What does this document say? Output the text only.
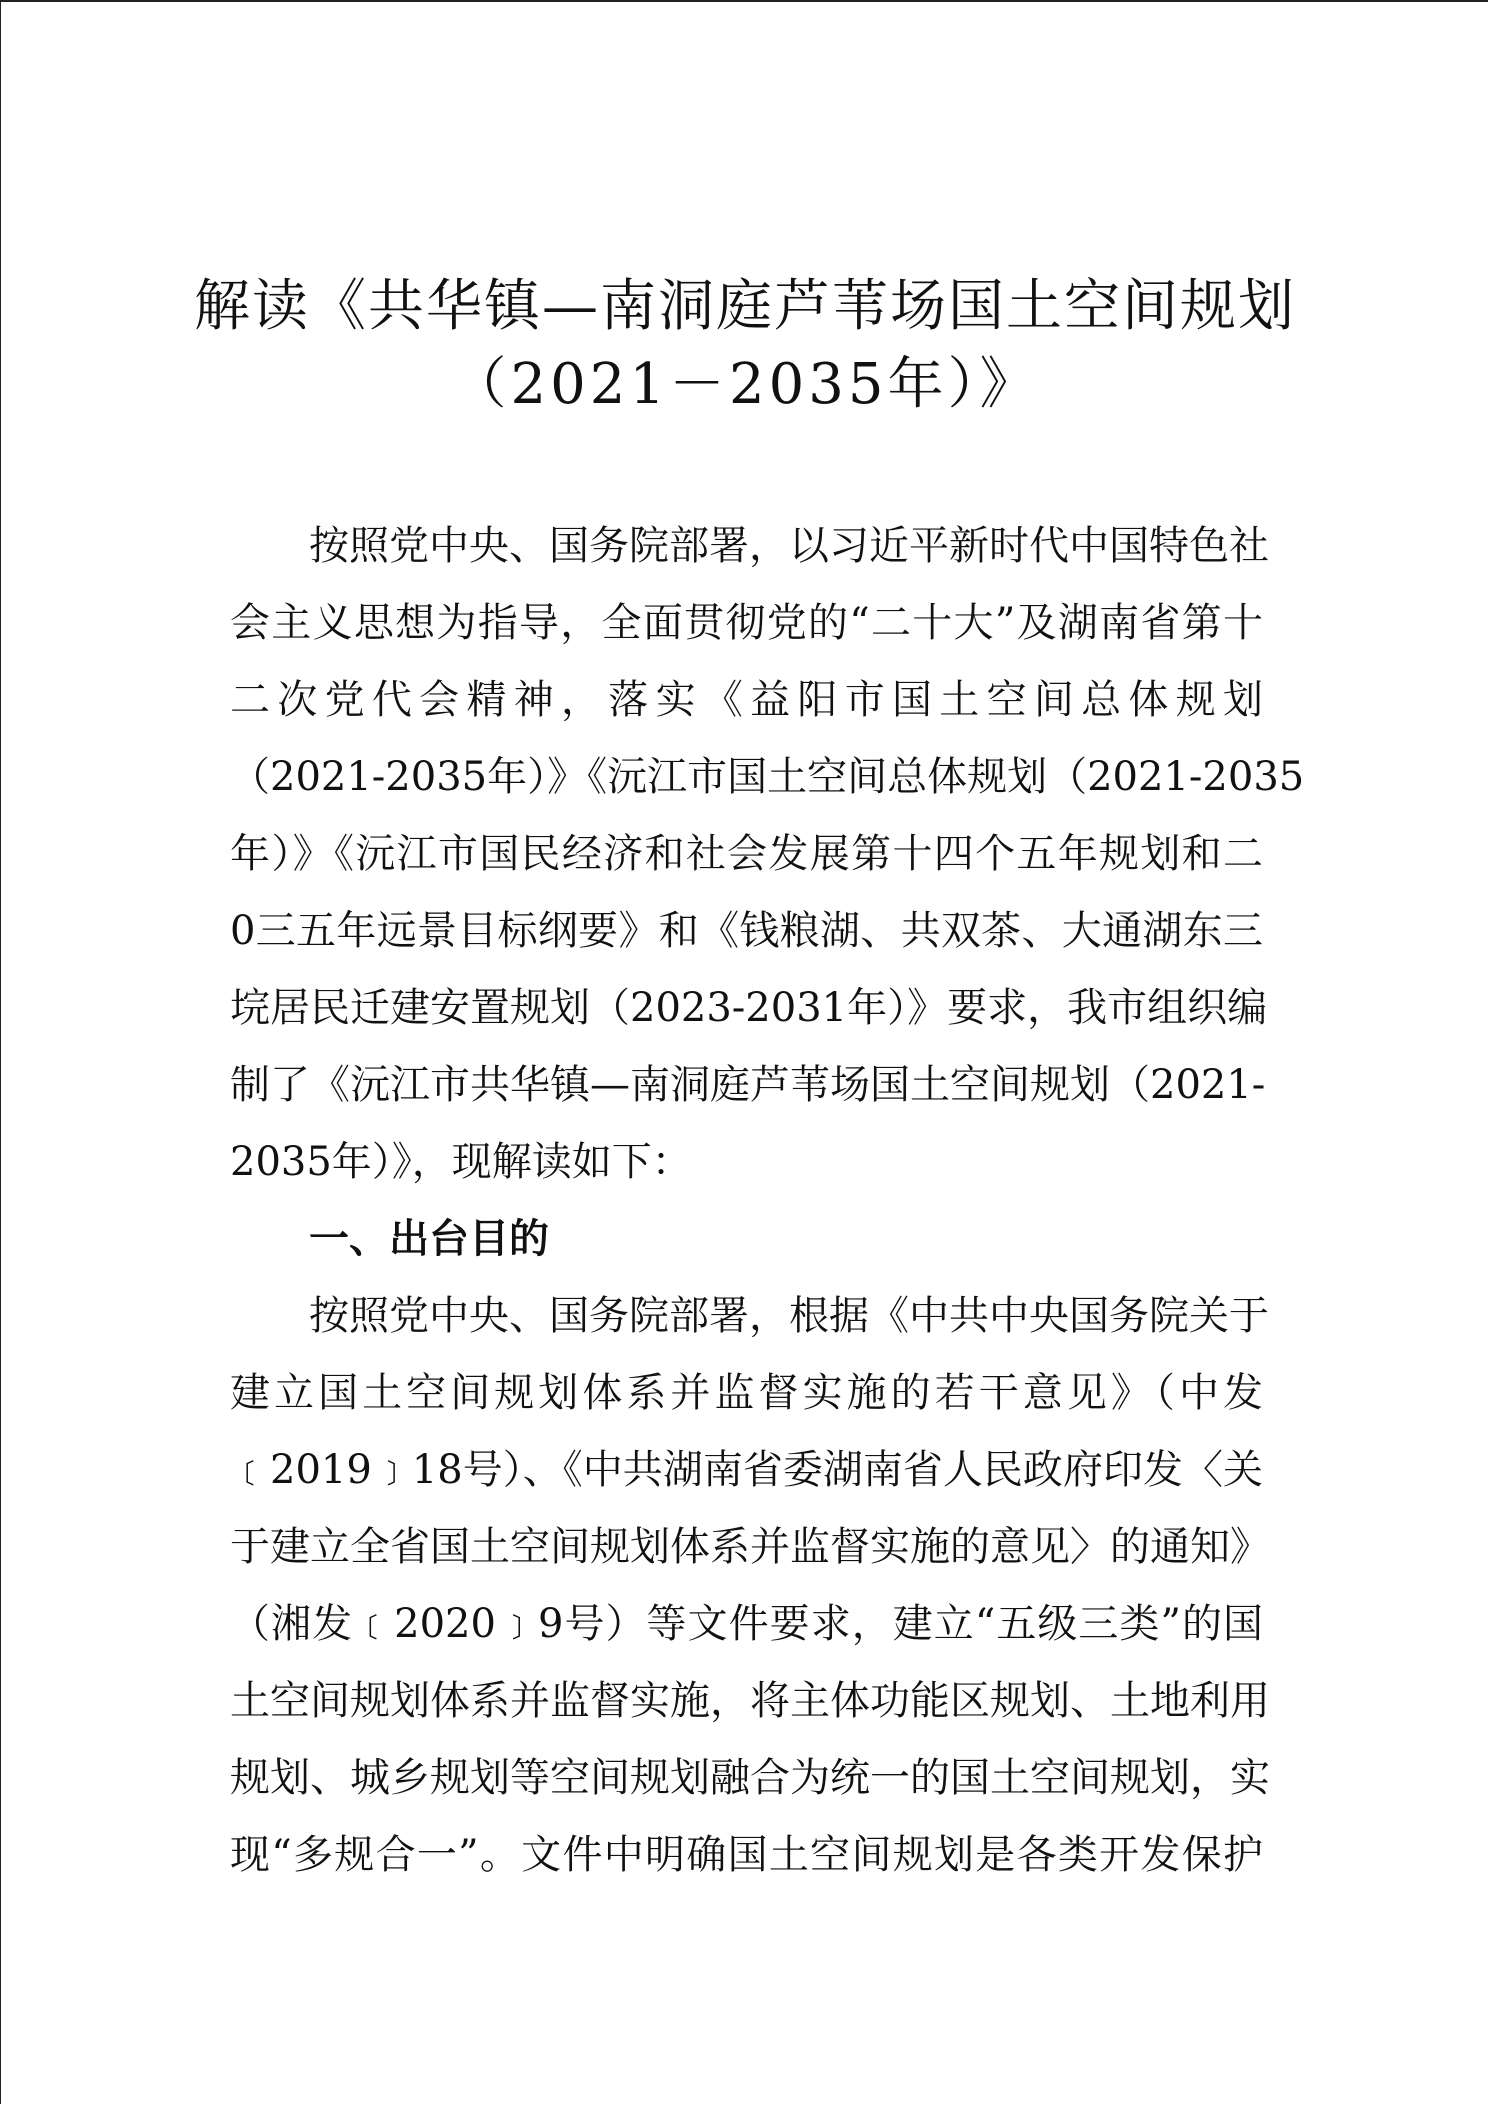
解读《共华镇—南洞庭芦苇场国土空间规划
（2021－2035年）》
按照党中央、国务院部署，以习近平新时代中国特色社
会主义思想为指导，全面贯彻党的“二十大”及湖南省第十
二次党代会精神，落实《益阳市国土空间总体规划
（2021-2035年）》《沅江市国土空间总体规划（2021-2035
年）》《沅江市国民经济和社会发展第十四个五年规划和二
0三五年远景目标纲要》和《钱粮湖、共双茶、大通湖东三
垸居民迁建安置规划（2023-2031年）》要求，我市组织编
制了《沅江市共华镇—南洞庭芦苇场国土空间规划（2021-
2035年）》，现解读如下：
一、出台目的
按照党中央、国务院部署，根据《中共中央国务院关于
建立国土空间规划体系并监督实施的若干意见》（中发
﹝2019﹞18号）、《中共湖南省委湖南省人民政府印发〈关
于建立全省国土空间规划体系并监督实施的意见〉的通知》
（湘发﹝2020﹞9号）等文件要求，建立“五级三类”的国
土空间规划体系并监督实施，将主体功能区规划、土地利用
规划、城乡规划等空间规划融合为统一的国土空间规划，实
现“多规合一”。文件中明确国土空间规划是各类开发保护
